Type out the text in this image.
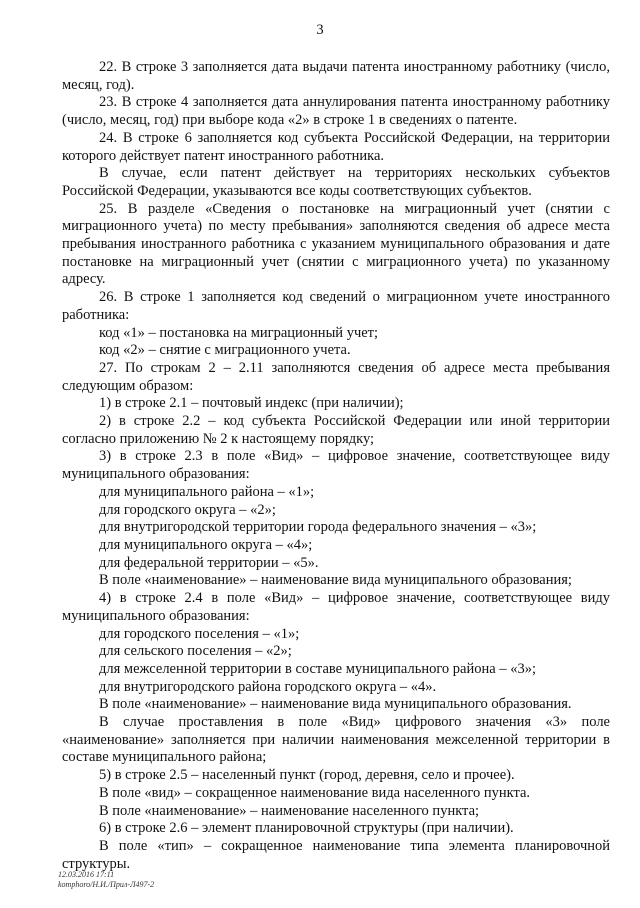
3

22. В строке 3 заполняется дата выдачи патента иностранному работнику (число, месяц, год).

23. В строке 4 заполняется дата аннулирования патента иностранному работнику (число, месяц, год) при выборе кода «2» в строке 1 в сведениях о патенте.

24. В строке 6 заполняется код субъекта Российской Федерации, на территории которого действует патент иностранного работника.

В случае, если патент действует на территориях нескольких субъектов Российской Федерации, указываются все коды соответствующих субъектов.

25. В разделе «Сведения о постановке на миграционный учет (снятии с миграционного учета) по месту пребывания» заполняются сведения об адресе места пребывания иностранного работника с указанием муниципального образования и дате постановке на миграционный учет (снятии с миграционного учета) по указанному адресу.

26. В строке 1 заполняется код сведений о миграционном учете иностранного работника:

код «1» – постановка на миграционный учет;

код «2» – снятие с миграционного учета.

27. По строкам 2 – 2.11 заполняются сведения об адресе места пребывания следующим образом:

1) в строке 2.1 – почтовый индекс (при наличии);

2) в строке 2.2 – код субъекта Российской Федерации или иной территории согласно приложению № 2 к настоящему порядку;

3) в строке 2.3 в поле «Вид» – цифровое значение, соответствующее виду муниципального образования:

для муниципального района – «1»;

для городского округа – «2»;

для внутригородской территории города федерального значения – «3»;

для муниципального округа – «4»;

для федеральной территории – «5».

В поле «наименование» – наименование вида муниципального образования;

4) в строке 2.4 в поле «Вид» – цифровое значение, соответствующее виду муниципального образования:

для городского поселения – «1»;

для сельского поселения – «2»;

для межселенной территории в составе муниципального района – «3»;

для внутригородского района городского округа – «4».

В поле «наименование» – наименование вида муниципального образования.

В случае проставления в поле «Вид» цифрового значения «3» поле «наименование» заполняется при наличии наименования межселенной территории в составе муниципального района;

5) в строке 2.5 – населенный пункт (город, деревня, село и прочее).

В поле «вид» – сокращенное наименование вида населенного пункта.

В поле «наименование» – наименование населенного пункта;

6) в строке 2.6 – элемент планировочной структуры (при наличии).

В поле «тип» – сокращенное наименование типа элемента планировочной структуры.

12.03.2016 17:11
komphoro/Н.И./Прил-Л497-2
